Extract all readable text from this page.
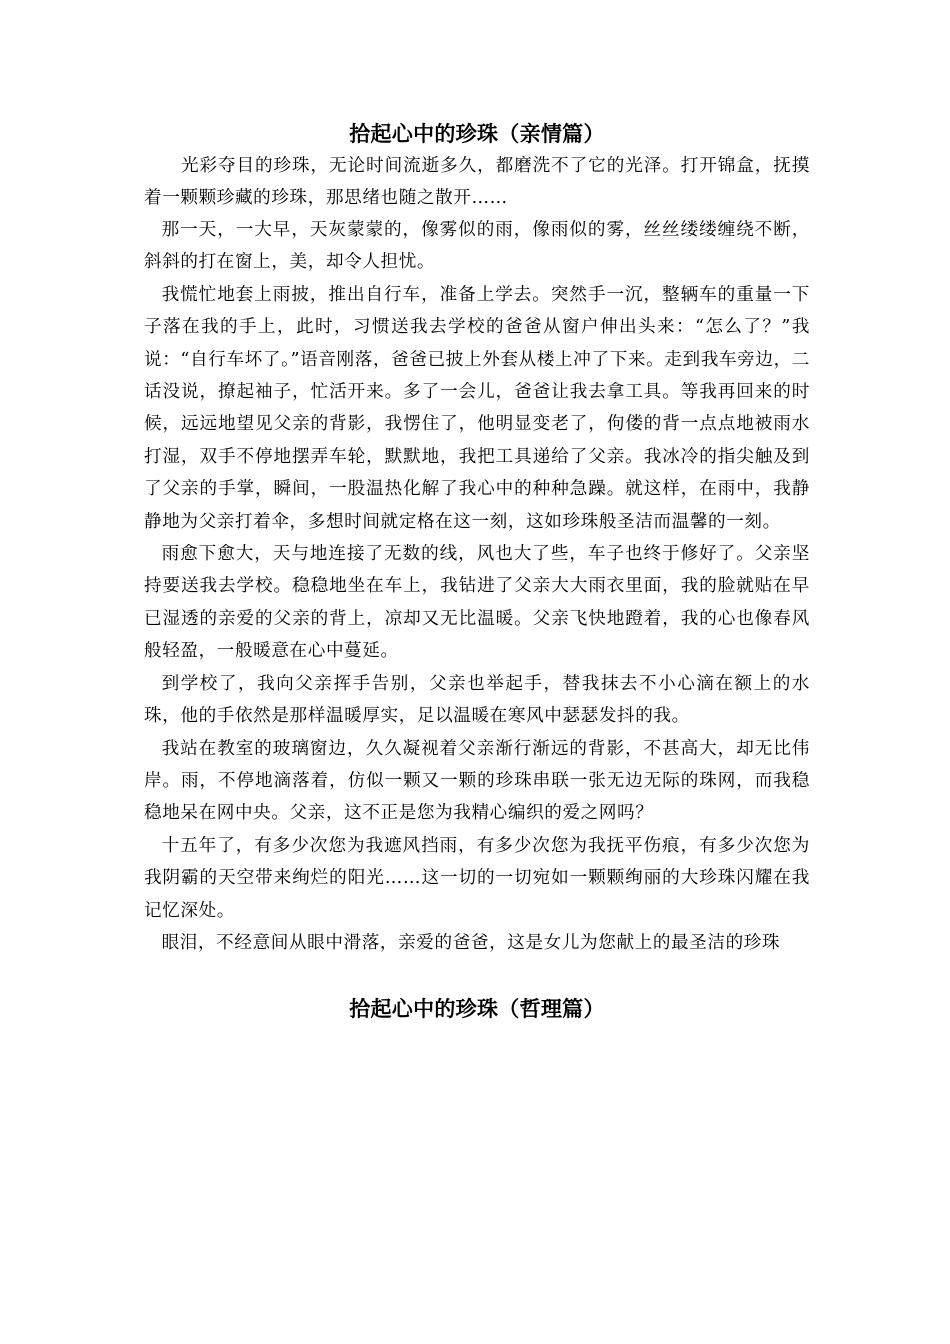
拾起心中的珍珠（亲情篇）

光彩夺目的珍珠，无论时间流逝多久，都磨洗不了它的光泽。打开锦盒，抚摸着一颗颗珍藏的珍珠，那思绪也随之散开……

那一天，一大早，天灰蒙蒙的，像雾似的雨，像雨似的雾，丝丝缕缕缠绕不断，斜斜的打在窗上，美，却令人担忧。

我慌忙地套上雨披，推出自行车，准备上学去。突然手一沉，整辆车的重量一下子落在我的手上，此时，习惯送我去学校的爸爸从窗户伸出头来：“怎么了？”我说：“自行车坏了。”语音刚落，爸爸已披上外套从楼上冲了下来。走到我车旁边，二话没说，撩起袖子，忙活开来。多了一会儿，爸爸让我去拿工具。等我再回来的时候，远远地望见父亲的背影，我愣住了，他明显变老了，佝偻的背一点点地被雨水打湿，双手不停地摆弄车轮，默默地，我把工具递给了父亲。我冰冷的指尖触及到了父亲的手掌，瞬间，一股温热化解了我心中的种种急躁。就这样，在雨中，我静静地为父亲打着伞，多想时间就定格在这一刻，这如珍珠般圣洁而温馨的一刻。

雨愈下愈大，天与地连接了无数的线，风也大了些，车子也终于修好了。父亲坚持要送我去学校。稳稳地坐在车上，我钻进了父亲大大雨衣里面，我的脸就贴在早已湿透的亲爱的父亲的背上，凉却又无比温暖。父亲飞快地蹬着，我的心也像春风般轻盈，一般暖意在心中蔓延。

到学校了，我向父亲挥手告别，父亲也举起手，替我抹去不小心滴在额上的水珠，他的手依然是那样温暖厚实，足以温暖在寒风中瑟瑟发抖的我。

我站在教室的玻璃窗边，久久凝视着父亲渐行渐远的背影，不甚高大，却无比伟岸。雨，不停地滴落着，仿似一颗又一颗的珍珠串联一张无边无际的珠网，而我稳稳地呆在网中央。父亲，这不正是您为我精心编织的爱之网吗？

十五年了，有多少次您为我遮风挡雨，有多少次您为我抚平伤痕，有多少次您为我阴霸的天空带来绚烂的阳光……这一切的一切宛如一颗颗绚丽的大珍珠闪耀在我记忆深处。

眼泪，不经意间从眼中滑落，亲爱的爸爸，这是女儿为您献上的最圣洁的珍珠

拾起心中的珍珠（哲理篇）
